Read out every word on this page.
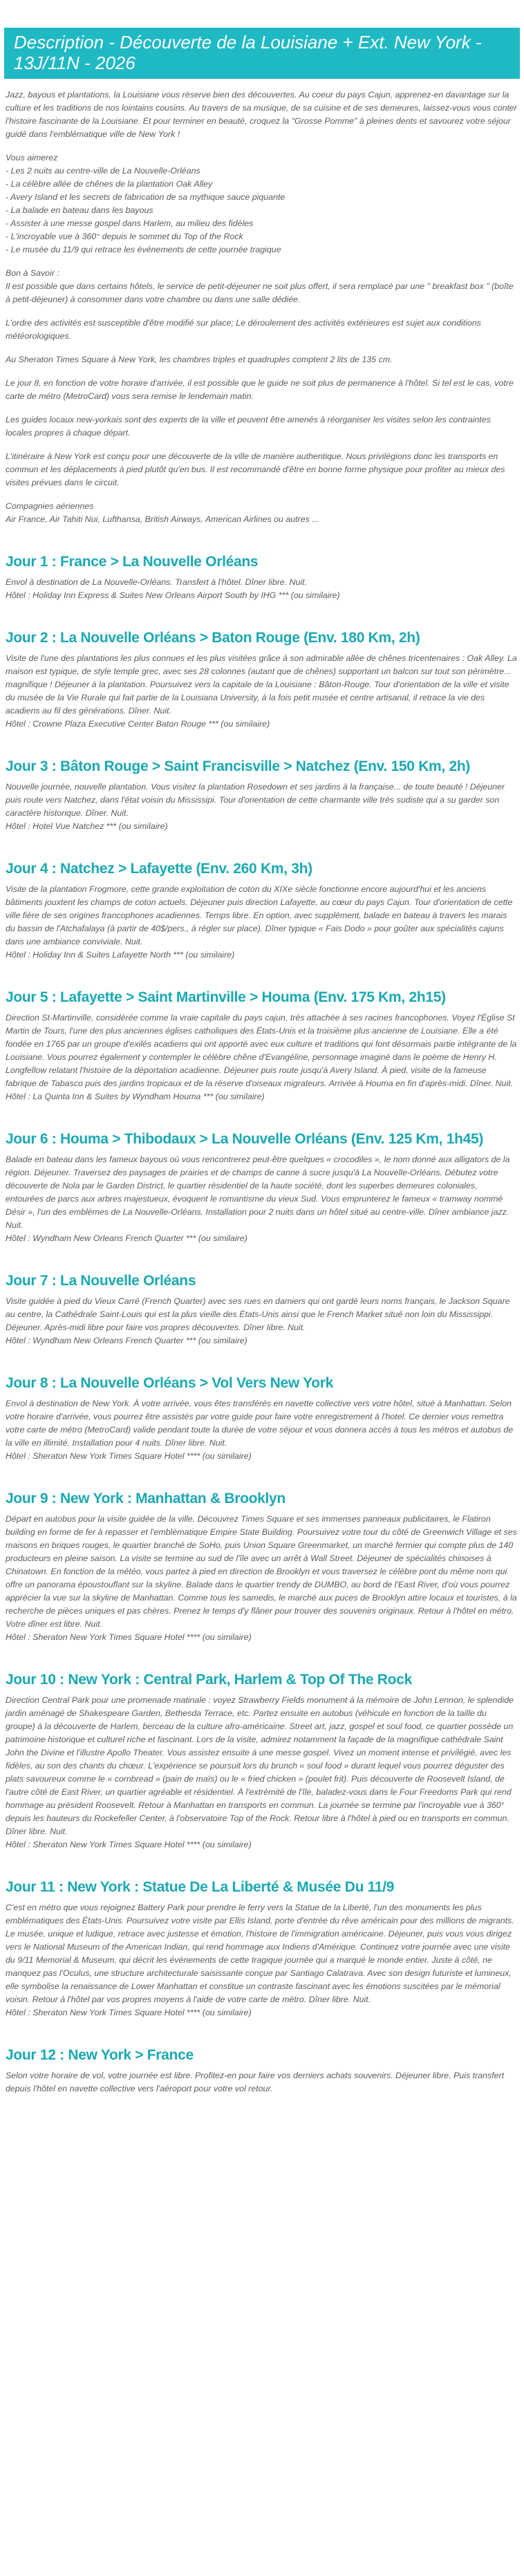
Description - Découverte de la Louisiane + Ext. New York - 13J/11N - 2026

Jazz, bayous et plantations, la Louisiane vous réserve bien des découvertes. Au coeur du pays Cajun, apprenez-en davantage sur la culture et les traditions de nos lointains cousins. Au travers de sa musique, de sa cuisine et de ses demeures, laissez-vous vous conter l'histoire fascinante de la Louisiane. Et pour terminer en beauté, croquez la "Grosse Pomme" à pleines dents et savourez votre séjour guidé dans l'emblématique ville de New York !

Vous aimerez
- Les 2 nuits au centre-ville de La Nouvelle-Orléans
- La célèbre allée de chênes de la plantation Oak Alley
- Avery Island et les secrets de fabrication de sa mythique sauce piquante
- La balade en bateau dans les bayous
- Assister à une messe gospel dans Harlem, au milieu des fidèles
- L'incroyable vue à 360° depuis le sommet du Top of the Rock
- Le musée du 11/9 qui retrace les événements de cette journée tragique

Bon à Savoir :
Il est possible que dans certains hôtels, le service de petit-déjeuner ne soit plus offert, il sera remplacé par une " breakfast box " (boîte à petit-déjeuner) à consommer dans votre chambre ou dans une salle dédiée.

L'ordre des activités est susceptible d'être modifié sur place; Le déroulement des activités extérieures est sujet aux conditions météorologiques.

Au Sheraton Times Square à New York, les chambres triples et quadruples comptent 2 lits de 135 cm.

Le jour 8, en fonction de votre horaire d'arrivée, il est possible que le guide ne soit plus de permanence à l'hôtel. Si tel est le cas, votre carte de métro (MetroCard) vous sera remise le lendemain matin.

Les guides locaux new-yorkais sont des experts de la ville et peuvent être amenés à réorganiser les visites selon les contraintes locales propres à chaque départ.

L'itinéraire à New York est conçu pour une découverte de la ville de manière authentique. Nous privilégions donc les transports en commun et les déplacements à pied plutôt qu'en bus. Il est recommandé d'être en bonne forme physique pour profiter au mieux des visites prévues dans le circuit.

Compagnies aériennes
Air France, Air Tahiti Nui, Lufthansa, British Airways, American Airlines ou autres ...

Jour 1 : France > La Nouvelle Orléans

Envol à destination de La Nouvelle-Orléans. Transfert à l'hôtel. Dîner libre. Nuit.
Hôtel : Holiday Inn Express & Suites New Orleans Airport South by IHG *** (ou similaire)

Jour 2 : La Nouvelle Orléans > Baton Rouge (Env. 180 Km, 2h)

Visite de l'une des plantations les plus connues et les plus visitées grâce à son admirable allée de chênes tricentenaires : Oak Alley. La maison est typique, de style temple grec, avec ses 28 colonnes (autant que de chênes) supportant un balcon sur tout son périmètre... magnifique ! Déjeuner à la plantation. Poursuivez vers la capitale de la Louisiane : Bâton-Rouge. Tour d'orientation de la ville et visite du musée de la Vie Rurale qui fait partie de la Louisiana University, à la fois petit musée et centre artisanal, il retrace la vie des acadiens au fil des générations. Dîner. Nuit.
Hôtel : Crowne Plaza Executive Center Baton Rouge *** (ou similaire)

Jour 3 : Bâton Rouge > Saint Francisville > Natchez (Env. 150 Km, 2h)

Nouvelle journée, nouvelle plantation. Vous visitez la plantation Rosedown et ses jardins à la française... de toute beauté ! Déjeuner puis route vers Natchez, dans l'état voisin du Mississipi. Tour d'orientation de cette charmante ville très sudiste qui a su garder son caractère historique. Dîner. Nuit.
Hôtel : Hotel Vue Natchez *** (ou similaire)

Jour 4 : Natchez > Lafayette (Env. 260 Km, 3h)

Visite de la plantation Frogmore, cette grande exploitation de coton du XIXe siècle fonctionne encore aujourd'hui et les anciens bâtiments jouxtent les champs de coton actuels. Déjeuner puis direction Lafayette, au cœur du pays Cajun. Tour d'orientation de cette ville fière de ses origines francophones acadiennes. Temps libre. En option, avec supplément, balade en bateau à travers les marais du bassin de l'Atchafalaya (à partir de 40$/pers., à régler sur place). Dîner typique « Fais Dodo » pour goûter aux spécialités cajuns dans une ambiance conviviale. Nuit.
Hôtel : Holiday Inn & Suites Lafayette North *** (ou similaire)

Jour 5 : Lafayette > Saint Martinville > Houma (Env. 175 Km, 2h15)

Direction St-Martinville, considérée comme la vraie capitale du pays cajun, très attachée à ses racines francophones. Voyez l'Église St Martin de Tours, l'une des plus anciennes églises catholiques des États-Unis et la troisième plus ancienne de Louisiane. Elle a été fondée en 1765 par un groupe d'exilés acadiens qui ont apporté avec eux culture et traditions qui font désormais partie intégrante de la Louisiane. Vous pourrez également y contempler le célèbre chêne d'Evangéline, personnage imaginé dans le poème de Henry H. Longfellow relatant l'histoire de la déportation acadienne. Déjeuner puis route jusqu'à Avery Island. À pied, visite de la fameuse fabrique de Tabasco puis des jardins tropicaux et de la réserve d'oiseaux migrateurs. Arrivée à Houma en fin d'après-midi. Dîner. Nuit.
Hôtel : La Quinta Inn & Suites by Wyndham Houma *** (ou similaire)

Jour 6 : Houma > Thibodaux > La Nouvelle Orléans (Env. 125 Km, 1h45)

Balade en bateau dans les fameux bayous où vous rencontrerez peut-être quelques « crocodiles », le nom donné aux alligators de la région. Déjeuner. Traversez des paysages de prairies et de champs de canne à sucre jusqu'à La Nouvelle-Orléans. Débutez votre découverte de Nola par le Garden District, le quartier résidentiel de la haute société, dont les superbes demeures coloniales, entourées de parcs aux arbres majestueux, évoquent le romantisme du vieux Sud. Vous emprunterez le fameux « tramway nommé Désir », l'un des emblèmes de La Nouvelle-Orléans. Installation pour 2 nuits dans un hôtel situé au centre-ville. Dîner ambiance jazz. Nuit.
Hôtel : Wyndham New Orleans French Quarter *** (ou similaire)

Jour 7 : La Nouvelle Orléans

Visite guidée à pied du Vieux Carré (French Quarter) avec ses rues en damiers qui ont gardé leurs noms français, le Jackson Square au centre, la Cathédrale Saint-Louis qui est la plus vieille des États-Unis ainsi que le French Market situé non loin du Mississippi. Déjeuner. Après-midi libre pour faire vos propres découvertes. Dîner libre. Nuit.
Hôtel : Wyndham New Orleans French Quarter *** (ou similaire)

Jour 8 : La Nouvelle Orléans > Vol Vers New York

Envol à destination de New York. À votre arrivée, vous êtes transférés en navette collective vers votre hôtel, situé à Manhattan. Selon votre horaire d'arrivée, vous pourrez être assistés par votre guide pour faire votre enregistrement à l'hotel. Ce dernier vous remettra votre carte de métro (MetroCard) valide pendant toute la durée de votre séjour et vous donnera accès à tous les métros et autobus de la ville en illimité. Installation pour 4 nuits. Dîner libre. Nuit.
Hôtel : Sheraton New York Times Square Hotel **** (ou similaire)

Jour 9 : New York : Manhattan & Brooklyn

Départ en autobus pour la visite guidée de la ville. Découvrez Times Square et ses immenses panneaux publicitaires, le Flatiron building en forme de fer à repasser et l'emblématique Empire State Building. Poursuivez votre tour du côté de Greenwich Village et ses maisons en briques rouges, le quartier branché de SoHo, puis Union Square Greenmarket, un marché fermier qui compte plus de 140 producteurs en pleine saison. La visite se termine au sud de l'île avec un arrêt à Wall Street. Déjeuner de spécialités chinoises à Chinatown. En fonction de la météo, vous partez à pied en direction de Brooklyn et vous traversez le célèbre pont du même nom qui offre un panorama époustouflant sur la skyline. Balade dans le quartier trendy de DUMBO, au bord de l'East River, d'où vous pourrez apprécier la vue sur la skyline de Manhattan. Comme tous les samedis, le marché aux puces de Brooklyn attire locaux et touristes, à la recherche de pièces uniques et pas chères. Prenez le temps d'y flâner pour trouver des souvenirs originaux. Retour à l'hôtel en métro. Votre dîner est libre. Nuit.
Hôtel : Sheraton New York Times Square Hotel **** (ou similaire)

Jour 10 : New York : Central Park, Harlem & Top Of The Rock

Direction Central Park pour une promenade matinale : voyez Strawberry Fields monument à la mémoire de John Lennon, le splendide jardin aménagé de Shakespeare Garden, Bethesda Terrace, etc. Partez ensuite en autobus (véhicule en fonction de la taille du groupe) à la découverte de Harlem, berceau de la culture afro-américaine. Street art, jazz, gospel et soul food, ce quartier possède un patrimoine historique et culturel riche et fascinant. Lors de la visite, admirez notamment la façade de la magnifique cathédrale Saint John the Divine et l'illustre Apollo Theater. Vous assistez ensuite à une messe gospel. Vivez un moment intense et privilégié, avec les fidèles, au son des chants du chœur. L'expérience se poursuit lors du brunch « soul food » durant lequel vous pourrez déguster des plats savoureux comme le « cornbread » (pain de maïs) ou le « fried chicken » (poulet frit). Puis découverte de Roosevelt Island, de l'autre côté de East River, un quartier agréable et résidentiel. À l'extrémité de l'île, baladez-vous dans le Four Freedoms Park qui rend hommage au président Roosevelt. Retour à Manhattan en transports en commun. La journée se termine par l'incroyable vue à 360° depuis les hauteurs du Rockefeller Center, à l'observatoire Top of the Rock. Retour libre à l'hôtel à pied ou en transports en commun. Dîner libre. Nuit.
Hôtel : Sheraton New York Times Square Hotel **** (ou similaire)

Jour 11 : New York : Statue De La Liberté & Musée Du 11/9

C'est en métro que vous rejoignez Battery Park pour prendre le ferry vers la Statue de la Liberté, l'un des monuments les plus emblématiques des États-Unis. Poursuivez votre visite par Ellis Island, porte d'entrée du rêve américain pour des millions de migrants. Le musée, unique et ludique, retrace avec justesse et émotion, l'histoire de l'immigration américaine. Déjeuner, puis vous vous dirigez vers le National Museum of the American Indian, qui rend hommage aux Indiens d'Amérique. Continuez votre journée avec une visite du 9/11 Memorial & Museum, qui décrit les événements de cette tragique journée qui a marqué le monde entier. Juste à côté, ne manquez pas l'Oculus, une structure architecturale saisissante conçue par Santiago Calatrava. Avec son design futuriste et lumineux, elle symbolise la renaissance de Lower Manhattan et constitue un contraste fascinant avec les émotions suscitées par le mémorial voisin. Retour à l'hôtel par vos propres moyens à l'aide de votre carte de métro. Dîner libre. Nuit.
Hôtel : Sheraton New York Times Square Hotel **** (ou similaire)

Jour 12 : New York > France

Selon votre horaire de vol, votre journée est libre. Profitez-en pour faire vos derniers achats souvenirs. Déjeuner libre. Puis transfert depuis l'hôtel en navette collective vers l'aéroport pour votre vol retour.
